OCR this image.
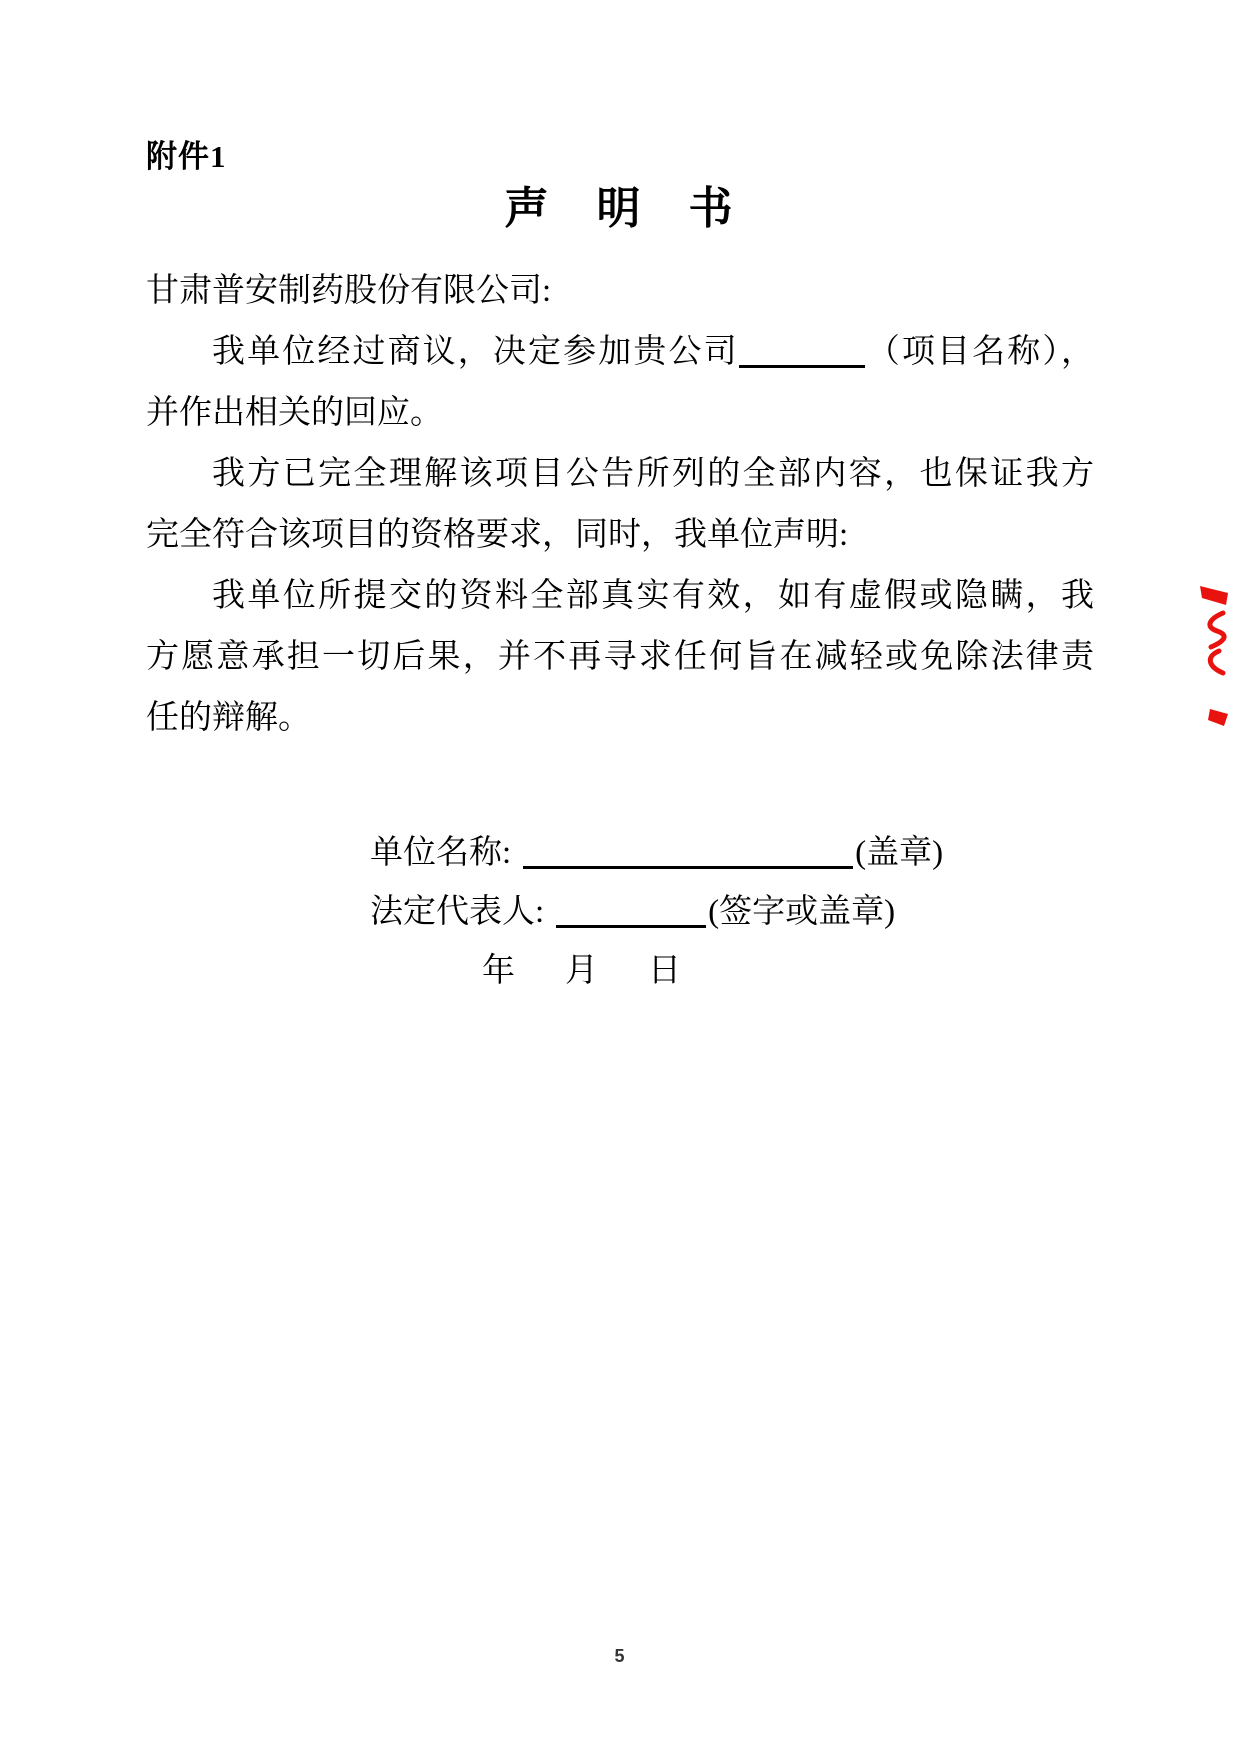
附件1
声　明　书
甘肃普安制药股份有限公司:
我单位经过商议，决定参加贵公司	（项目名称），
并作出相关的回应。
我方已完全理解该项目公告所列的全部内容，也保证我方
完全符合该项目的资格要求，同时，我单位声明:
我单位所提交的资料全部真实有效，如有虚假或隐瞒，我
方愿意承担一切后果，并不再寻求任何旨在减轻或免除法律责
任的辩解。
单位名称:	(盖章)
法定代表人:	(签字或盖章)
年月日
5
